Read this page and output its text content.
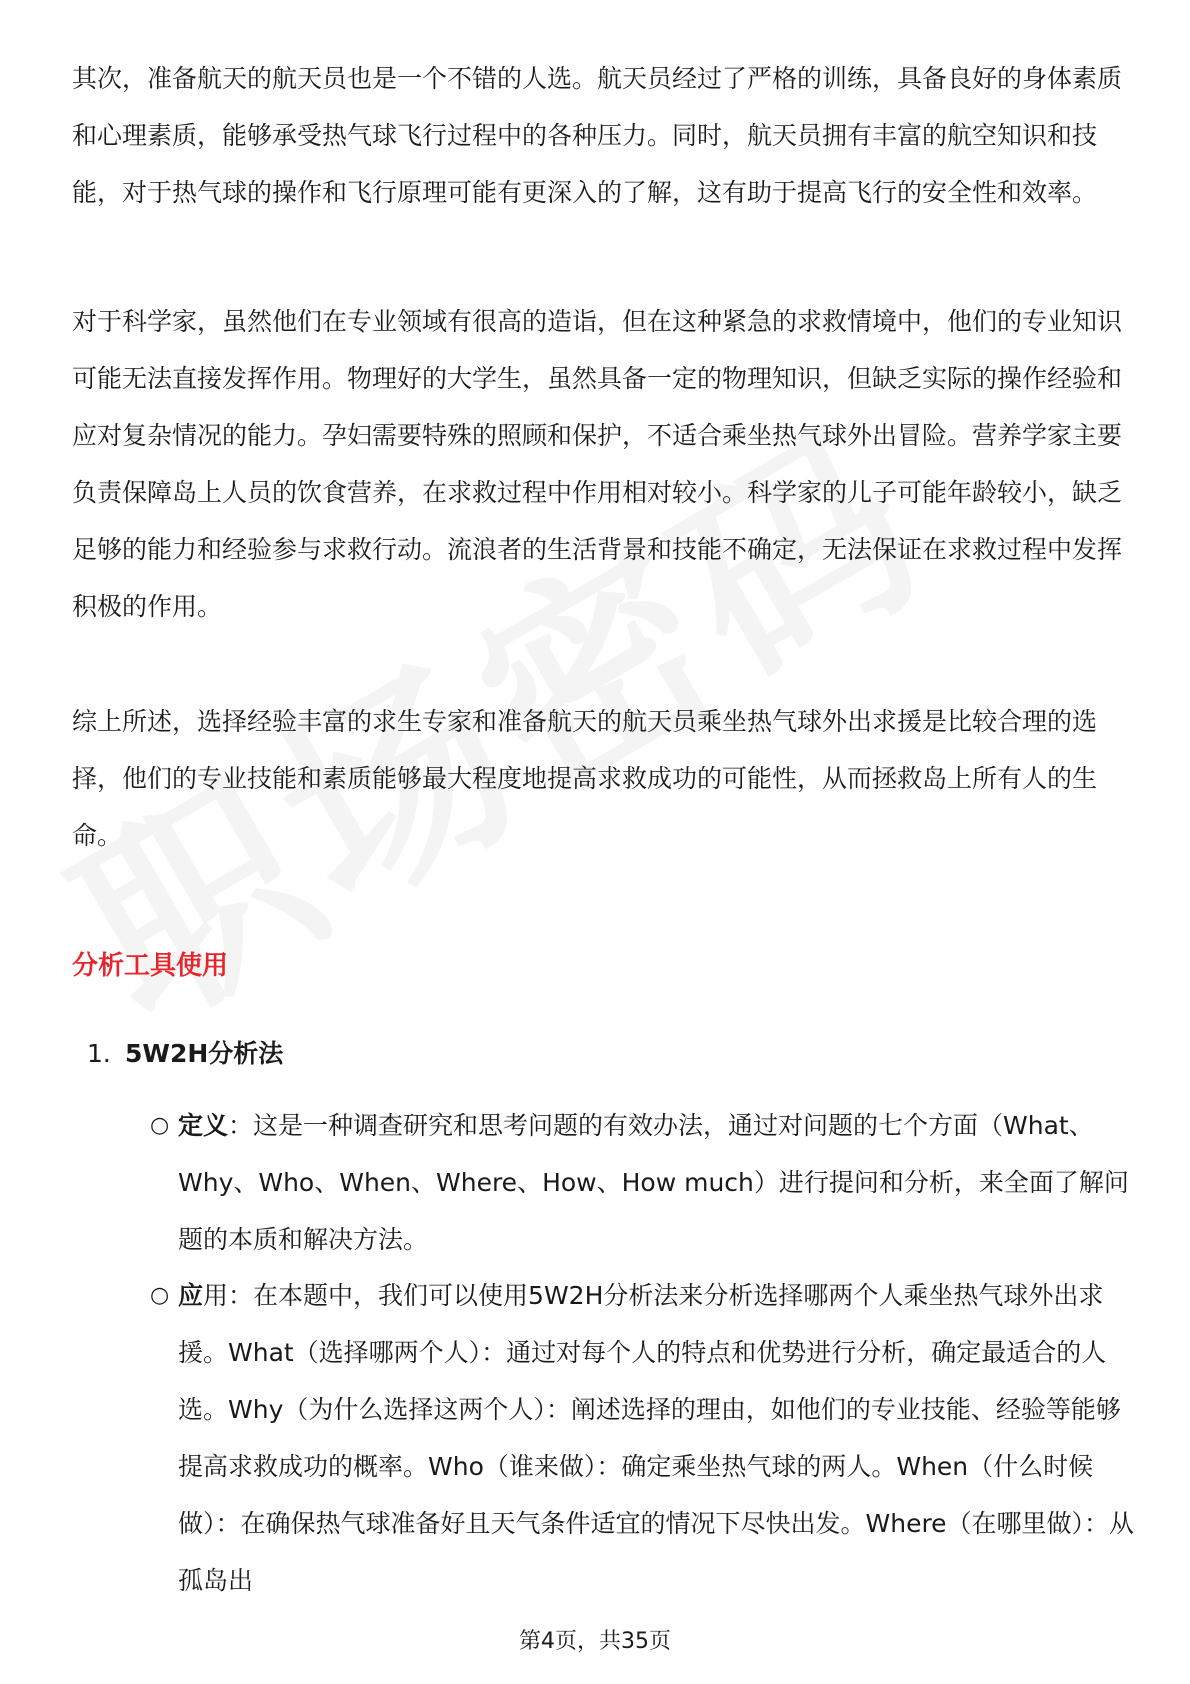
其次，准备航天的航天员也是一个不错的人选。航天员经过了严格的训练，具备良好的身体素质和心理素质，能够承受热气球飞行过程中的各种压力。同时，航天员拥有丰富的航空知识和技能，对于热气球的操作和飞行原理可能有更深入的了解，这有助于提高飞行的安全性和效率。

对于科学家，虽然他们在专业领域有很高的造诣，但在这种紧急的求救情境中，他们的专业知识可能无法直接发挥作用。物理好的大学生，虽然具备一定的物理知识，但缺乏实际的操作经验和应对复杂情况的能力。孕妇需要特殊的照顾和保护，不适合乘坐热气球外出冒险。营养学家主要负责保障岛上人员的饮食营养，在求救过程中作用相对较小。科学家的儿子可能年龄较小，缺乏足够的能力和经验参与求救行动。流浪者的生活背景和技能不确定，无法保证在求救过程中发挥积极的作用。

综上所述，选择经验丰富的求生专家和准备航天的航天员乘坐热气球外出求援是比较合理的选择，他们的专业技能和素质能够最大程度地提高求救成功的可能性，从而拯救岛上所有人的生命。

分析工具使用
1. 5W2H分析法
○ 定义：这是一种调查研究和思考问题的有效办法，通过对问题的七个方面（What、Why、Who、When、Where、How、How much）进行提问和分析，来全面了解问题的本质和解决方法。

○ 应用：在本题中，我们可以使用5W2H分析法来分析选择哪两个人乘坐热气球外出求援。What（选择哪两个人）：通过对每个人的特点和优势进行分析，确定最适合的人选。Why（为什么选择这两个人）：阐述选择的理由，如他们的专业技能、经验等能够提高求救成功的概率。Who（谁来做）：确定乘坐热气球的两人。When（什么时候做）：在确保热气球准备好且天气条件适宜的情况下尽快出发。Where（在哪里做）：从孤岛出

第4页，共35页
